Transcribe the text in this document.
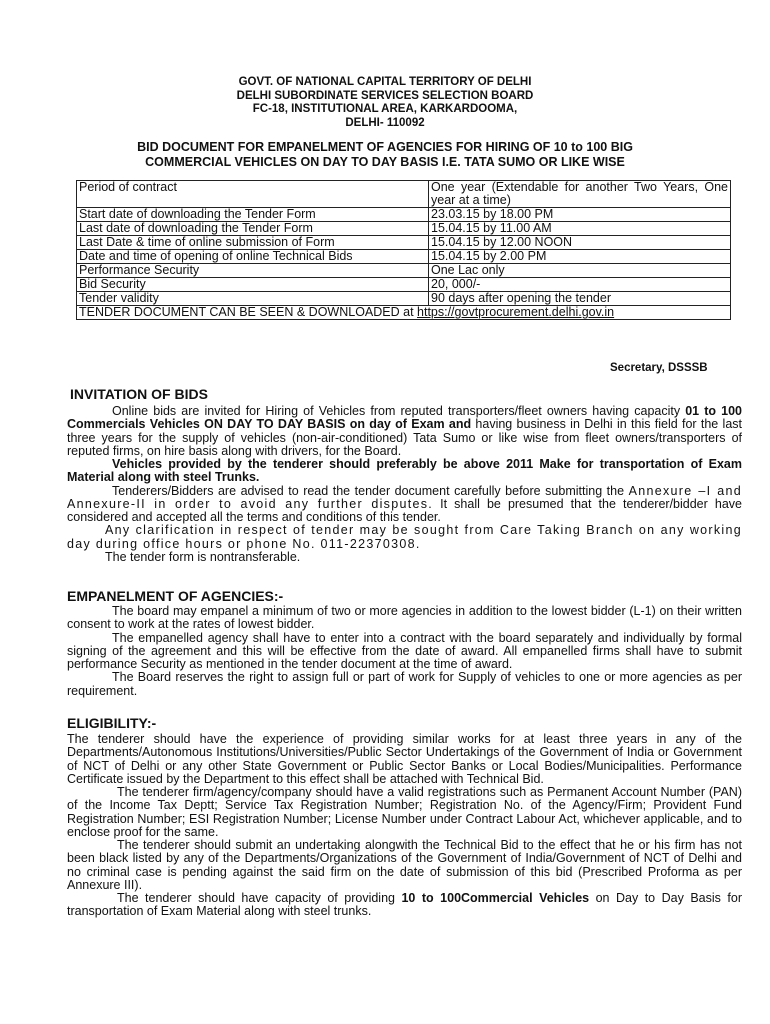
GOVT. OF NATIONAL CAPITAL TERRITORY OF DELHI
DELHI SUBORDINATE SERVICES SELECTION BOARD
FC-18, INSTITUTIONAL AREA, KARKARDOOMA,
DELHI- 110092
BID DOCUMENT FOR EMPANELMENT OF AGENCIES FOR HIRING OF 10 to 100 BIG
COMMERCIAL VEHICLES ON DAY TO DAY BASIS I.E. TATA SUMO OR LIKE WISE
Period of contract	One year (Extendable for another Two Years, One year at a time)
Start date of downloading the Tender Form	23.03.15 by 18.00 PM
Last date of downloading the Tender Form	15.04.15 by 11.00 AM
Last Date & time of online submission of Form	15.04.15 by 12.00 NOON
Date and time of opening of online Technical Bids	15.04.15 by 2.00 PM
Performance Security	One Lac only
Bid Security	20, 000/-
Tender validity	90 days after opening the tender
TENDER DOCUMENT CAN BE SEEN & DOWNLOADED at https://govtprocurement.delhi.gov.in	
Secretary, DSSSB
INVITATION OF BIDS

Online bids are invited for Hiring of Vehicles from reputed transporters/fleet owners having capacity 01 to 100 Commercials Vehicles ON DAY TO DAY BASIS on day of Exam and having business in Delhi in this field for the last three years for the supply of vehicles (non-air-conditioned) Tata Sumo or like wise from fleet owners/transporters of reputed firms, on hire basis along with drivers, for the Board.

Vehicles provided by the tenderer should preferably be above 2011 Make for transportation of Exam Material along with steel Trunks.

Tenderers/Bidders are advised to read the tender document carefully before submitting the Annexure –I and Annexure-II in order to avoid any further disputes. It shall be presumed that the tenderer/bidder have considered and accepted all the terms and conditions of this tender.

Any clarification in respect of tender may be sought from Care Taking Branch on any working day during office hours or phone No. 011-22370308.

The tender form is nontransferable.

EMPANELMENT OF AGENCIES:-

The board may empanel a minimum of two or more agencies in addition to the lowest bidder (L-1) on their written consent to work at the rates of lowest bidder.

The empanelled agency shall have to enter into a contract with the board separately and individually by formal signing of the agreement and this will be effective from the date of award. All empanelled firms shall have to submit performance Security as mentioned in the tender document at the time of award.

The Board reserves the right to assign full or part of work for Supply of vehicles to one or more agencies as per requirement.

ELIGIBILITY:-

The tenderer should have the experience of providing similar works for at least three years in any of the Departments/Autonomous Institutions/Universities/Public Sector Undertakings of the Government of India or Government of NCT of Delhi or any other State Government or Public Sector Banks or Local Bodies/Municipalities. Performance Certificate issued by the Department to this effect shall be attached with Technical Bid.

The tenderer firm/agency/company should have a valid registrations such as Permanent Account Number (PAN) of the Income Tax Deptt; Service Tax Registration Number; Registration No. of the Agency/Firm; Provident Fund Registration Number; ESI Registration Number; License Number under Contract Labour Act, whichever applicable, and to enclose proof for the same.

The tenderer should submit an undertaking alongwith the Technical Bid to the effect that he or his firm has not been black listed by any of the Departments/Organizations of the Government of India/Government of NCT of Delhi and no criminal case is pending against the said firm on the date of submission of this bid (Prescribed Proforma as per Annexure III).

The tenderer should have capacity of providing 10 to 100Commercial Vehicles on Day to Day Basis for transportation of Exam Material along with steel trunks.
